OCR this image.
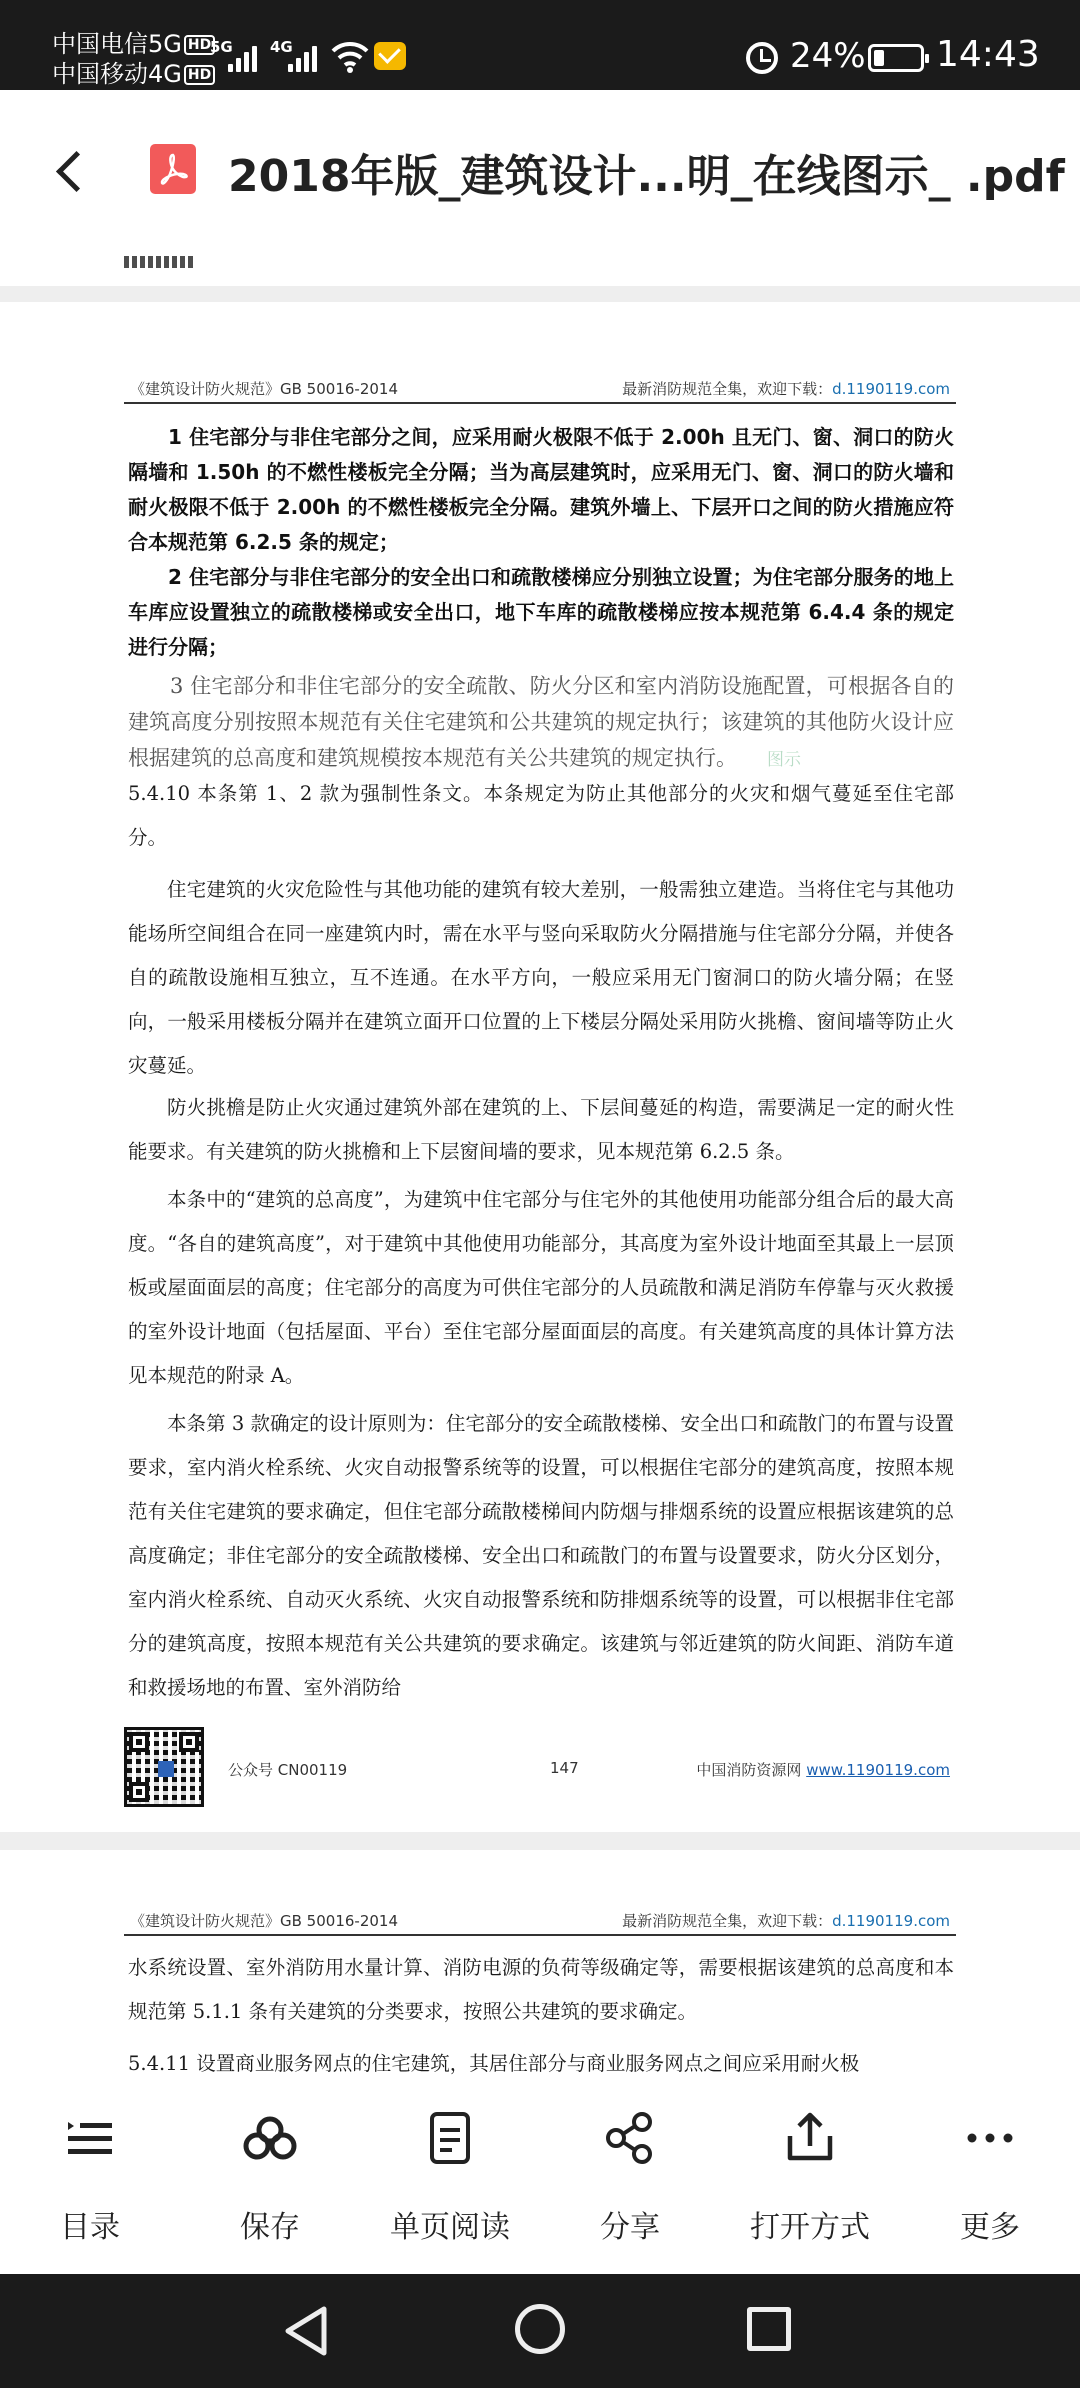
中国电信5G HD
中国移动4G HD
5G 4G	24% 14:43
2018年版_建筑设计...明_在线图示_ .pdf
《建筑设计防火规范》GB 50016-2014	最新消防规范全集，欢迎下载：d.1190119.com

1 住宅部分与非住宅部分之间，应采用耐火极限不低于 2.00h 且无门、窗、洞口的防火隔墙和 1.50h 的不燃性楼板完全分隔；当为高层建筑时，应采用无门、窗、洞口的防火墙和耐火极限不低于 2.00h 的不燃性楼板完全分隔。建筑外墙上、下层开口之间的防火措施应符合本规范第 6.2.5 条的规定；

2 住宅部分与非住宅部分的安全出口和疏散楼梯应分别独立设置；为住宅部分服务的地上车库应设置独立的疏散楼梯或安全出口，地下车库的疏散楼梯应按本规范第 6.4.4 条的规定进行分隔；

3 住宅部分和非住宅部分的安全疏散、防火分区和室内消防设施配置，可根据各自的建筑高度分别按照本规范有关住宅建筑和公共建筑的规定执行；该建筑的其他防火设计应根据建筑的总高度和建筑规模按本规范有关公共建筑的规定执行。 图示

5.4.10 本条第 1、2 款为强制性条文。本条规定为防止其他部分的火灾和烟气蔓延至住宅部分。

住宅建筑的火灾危险性与其他功能的建筑有较大差别，一般需独立建造。当将住宅与其他功能场所空间组合在同一座建筑内时，需在水平与竖向采取防火分隔措施与住宅部分分隔，并使各自的疏散设施相互独立，互不连通。在水平方向，一般应采用无门窗洞口的防火墙分隔；在竖向，一般采用楼板分隔并在建筑立面开口位置的上下楼层分隔处采用防火挑檐、窗间墙等防止火灾蔓延。

防火挑檐是防止火灾通过建筑外部在建筑的上、下层间蔓延的构造，需要满足一定的耐火性能要求。有关建筑的防火挑檐和上下层窗间墙的要求，见本规范第 6.2.5 条。

本条中的“建筑的总高度”，为建筑中住宅部分与住宅外的其他使用功能部分组合后的最大高度。“各自的建筑高度”，对于建筑中其他使用功能部分，其高度为室外设计地面至其最上一层顶板或屋面面层的高度；住宅部分的高度为可供住宅部分的人员疏散和满足消防车停靠与灭火救援的室外设计地面（包括屋面、平台）至住宅部分屋面面层的高度。有关建筑高度的具体计算方法见本规范的附录 A。

本条第 3 款确定的设计原则为：住宅部分的安全疏散楼梯、安全出口和疏散门的布置与设置要求，室内消火栓系统、火灾自动报警系统等的设置，可以根据住宅部分的建筑高度，按照本规范有关住宅建筑的要求确定，但住宅部分疏散楼梯间内防烟与排烟系统的设置应根据该建筑的总高度确定；非住宅部分的安全疏散楼梯、安全出口和疏散门的布置与设置要求，防火分区划分，室内消火栓系统、自动灭火系统、火灾自动报警系统和防排烟系统等的设置，可以根据非住宅部分的建筑高度，按照本规范有关公共建筑的要求确定。该建筑与邻近建筑的防火间距、消防车道和救援场地的布置、室外消防给

公众号 CN00119	147	中国消防资源网 www.1190119.com
《建筑设计防火规范》GB 50016-2014	最新消防规范全集，欢迎下载：d.1190119.com

水系统设置、室外消防用水量计算、消防电源的负荷等级确定等，需要根据该建筑的总高度和本规范第 5.1.1 条有关建筑的分类要求，按照公共建筑的要求确定。

5.4.11 设置商业服务网点的住宅建筑，其居住部分与商业服务网点之间应采用耐火极

目录	保存	单页阅读	分享	打开方式	更多
